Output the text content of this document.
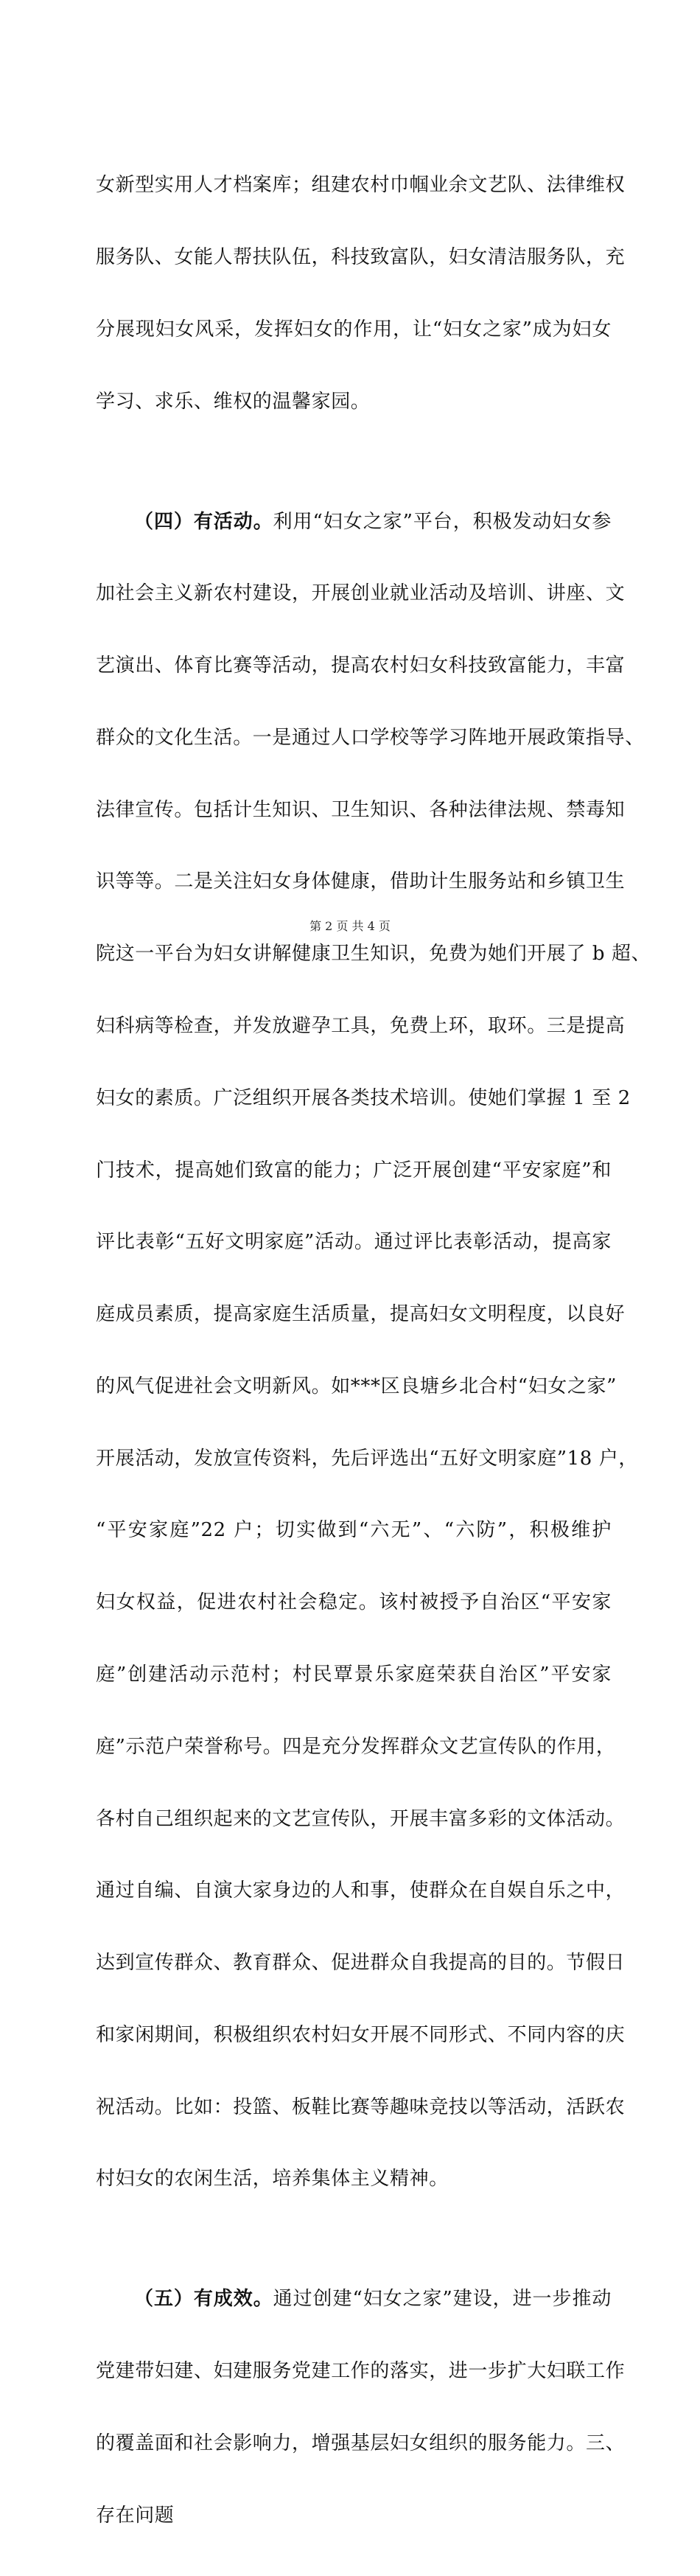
女新型实用人才档案库；组建农村巾帼业余文艺队、法律维权

服务队、女能人帮扶队伍，科技致富队，妇女清洁服务队，充

分展现妇女风采，发挥妇女的作用，让“妇女之家”成为妇女

学习、求乐、维权的温馨家园。

（四）有活动。利用“妇女之家”平台，积极发动妇女参

加社会主义新农村建设，开展创业就业活动及培训、讲座、文

艺演出、体育比赛等活动，提高农村妇女科技致富能力，丰富

群众的文化生活。一是通过人口学校等学习阵地开展政策指导、

法律宣传。包括计生知识、卫生知识、各种法律法规、禁毒知

识等等。二是关注妇女身体健康，借助计生服务站和乡镇卫生

院这一平台为妇女讲解健康卫生知识，免费为她们开展了 b 超、

妇科病等检查，并发放避孕工具，免费上环，取环。三是提高

妇女的素质。广泛组织开展各类技术培训。使她们掌握 1 至 2

门技术，提高她们致富的能力；广泛开展创建“平安家庭”和

评比表彰“五好文明家庭”活动。通过评比表彰活动，提高家

庭成员素质，提高家庭生活质量，提高妇女文明程度，以良好

的风气促进社会文明新风。如***区良塘乡北合村“妇女之家”

开展活动，发放宣传资料，先后评选出“五好文明家庭”18 户，

“平安家庭”22 户；切实做到“六无”、“六防”，积极维护

妇女权益，促进农村社会稳定。该村被授予自治区“平安家

庭”创建活动示范村；村民覃景乐家庭荣获自治区”平安家

庭”示范户荣誉称号。四是充分发挥群众文艺宣传队的作用，

各村自己组织起来的文艺宣传队，开展丰富多彩的文体活动。

通过自编、自演大家身边的人和事，使群众在自娱自乐之中，

达到宣传群众、教育群众、促进群众自我提高的目的。节假日

和家闲期间，积极组织农村妇女开展不同形式、不同内容的庆

祝活动。比如：投篮、板鞋比赛等趣味竞技以等活动，活跃农

村妇女的农闲生活，培养集体主义精神。

（五）有成效。通过创建“妇女之家”建设，进一步推动

党建带妇建、妇建服务党建工作的落实，进一步扩大妇联工作

的覆盖面和社会影响力，增强基层妇女组织的服务能力。三、

存在问题

第 2 页 共 4 页
